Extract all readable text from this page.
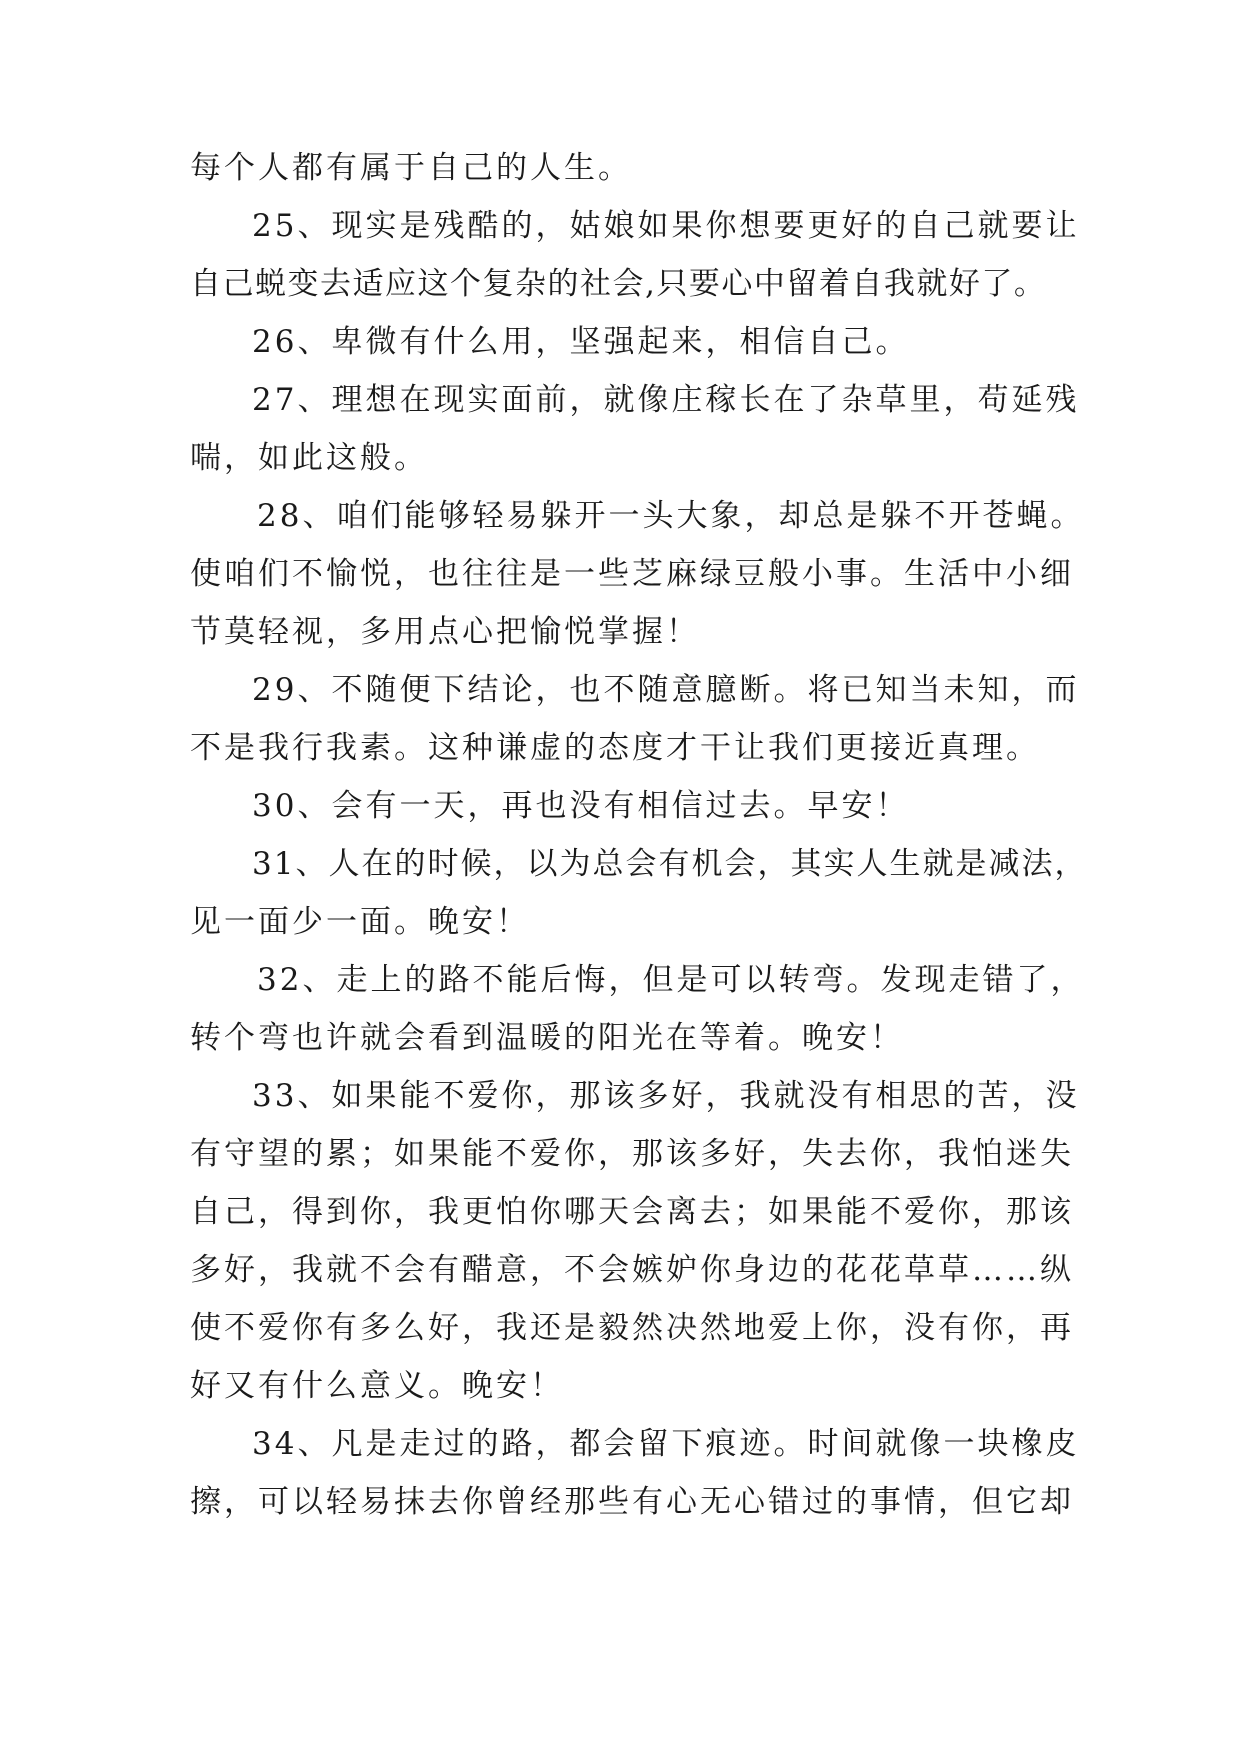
每个人都有属于自己的人生。
25、现实是残酷的，姑娘如果你想要更好的自己就要让
自己蜕变去适应这个复杂的社会,只要心中留着自我就好了。
26、卑微有什么用，坚强起来，相信自己。
27、理想在现实面前，就像庄稼长在了杂草里，苟延残
喘，如此这般。
28、咱们能够轻易躲开一头大象，却总是躲不开苍蝇。
使咱们不愉悦，也往往是一些芝麻绿豆般小事。生活中小细
节莫轻视，多用点心把愉悦掌握！
29、不随便下结论，也不随意臆断。将已知当未知，而
不是我行我素。这种谦虚的态度才干让我们更接近真理。
30、会有一天，再也没有相信过去。早安！
31、人在的时候，以为总会有机会，其实人生就是减法，
见一面少一面。晚安！
32、走上的路不能后悔，但是可以转弯。发现走错了，
转个弯也许就会看到温暖的阳光在等着。晚安！
33、如果能不爱你，那该多好，我就没有相思的苦，没
有守望的累；如果能不爱你，那该多好，失去你，我怕迷失
自己，得到你，我更怕你哪天会离去；如果能不爱你，那该
多好，我就不会有醋意，不会嫉妒你身边的花花草草……纵
使不爱你有多么好，我还是毅然决然地爱上你，没有你，再
好又有什么意义。晚安！
34、凡是走过的路，都会留下痕迹。时间就像一块橡皮
擦，可以轻易抹去你曾经那些有心无心错过的事情，但它却
